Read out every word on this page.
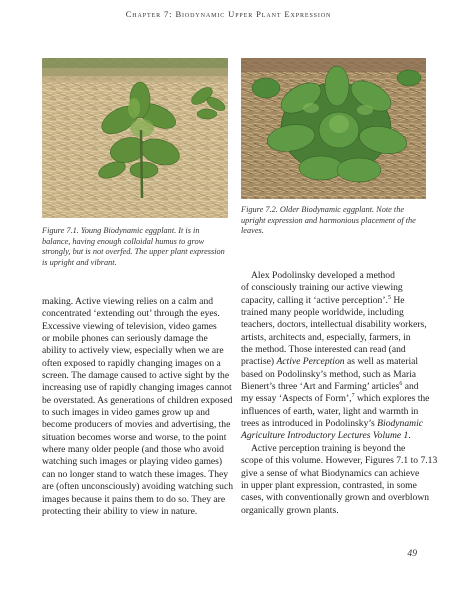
Chapter 7: Biodynamic Upper Plant Expression
Figure 7.1. Young Biodynamic eggplant. It is in balance, having enough colloidal humus to grow strongly, but is not overfed. The upper plant expression is upright and vibrant.
Figure 7.2. Older Biodynamic eggplant. Note the upright expression and harmonious placement of the leaves.

making. Active viewing relies on a calm and
concentrated ‘extending out’ through the eyes.
Excessive viewing of television, video games
or mobile phones can seriously damage the
ability to actively view, especially when we are
often exposed to rapidly changing images on a
screen. The damage caused to active sight by the
increasing use of rapidly changing images cannot
be overstated. As generations of children exposed
to such images in video games grow up and
become producers of movies and advertising, the
situation becomes worse and worse, to the point
where many older people (and those who avoid
watching such images or playing video games)
can no longer stand to watch these images. They
are (often unconsciously) avoiding watching such
images because it pains them to do so. They are
protecting their ability to view in nature.

Alex Podolinsky developed a method
of consciously training our active viewing
capacity, calling it ‘active perception’.$^5$ He
trained many people worldwide, including
teachers, doctors, intellectual disability workers,
artists, architects and, especially, farmers, in
the method. Those interested can read (and
practise) Active Perception as well as material
based on Podolinsky’s method, such as Maria
Bienert’s three ‘Art and Farming’ articles$^6$ and
my essay ‘Aspects of Form’,$^7$ which explores the
influences of earth, water, light and warmth in
trees as introduced in Podolinsky’s Biodynamic
Agriculture Introductory Lectures Volume 1.

Active perception training is beyond the
scope of this volume. However, Figures 7.1 to 7.13
give a sense of what Biodynamics can achieve
in upper plant expression, contrasted, in some
cases, with conventionally grown and overblown
organically grown plants.

49
